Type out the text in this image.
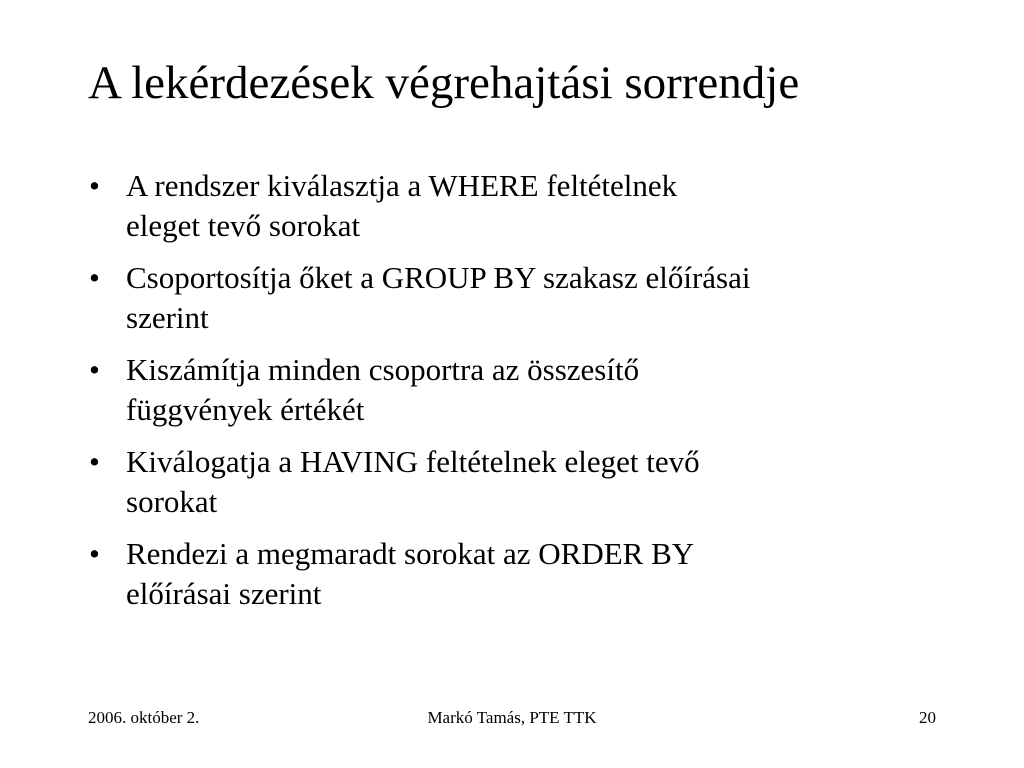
A lekérdezések végrehajtási sorrendje
• A rendszer kiválasztja a WHERE feltételnek
eleget tevő sorokat
• Csoportosítja őket a GROUP BY szakasz előírásai
szerint
• Kiszámítja minden csoportra az összesítő
függvények értékét
• Kiválogatja a HAVING feltételnek eleget tevő
sorokat
• Rendezi a megmaradt sorokat az ORDER BY
előírásai szerint
2006. október 2.	Markó Tamás, PTE TTK	20
